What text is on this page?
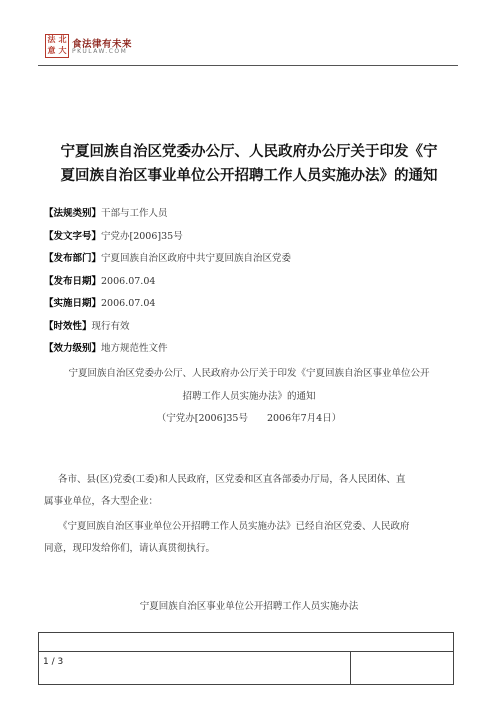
法 北
意 大
食法律有未来
PKULAW.COM
宁夏回族自治区党委办公厅、人民政府办公厅关于印发《宁
夏回族自治区事业单位公开招聘工作人员实施办法》的通知
【法规类别】干部与工作人员
【发文字号】宁党办[2006]35号
【发布部门】宁夏回族自治区政府中共宁夏回族自治区党委
【发布日期】2006.07.04
【实施日期】2006.07.04
【时效性】现行有效
【效力级别】地方规范性文件
宁夏回族自治区党委办公厅、人民政府办公厅关于印发《宁夏回族自治区事业单位公开
招聘工作人员实施办法》的通知
（宁党办[2006]35号　　2006年7月4日）
各市、县(区)党委(工委)和人民政府，区党委和区直各部委办厅局，各人民团体、直
属事业单位，各大型企业：
《宁夏回族自治区事业单位公开招聘工作人员实施办法》已经自治区党委、人民政府
同意，现印发给你们，请认真贯彻执行。
宁夏回族自治区事业单位公开招聘工作人员实施办法
1 / 3
